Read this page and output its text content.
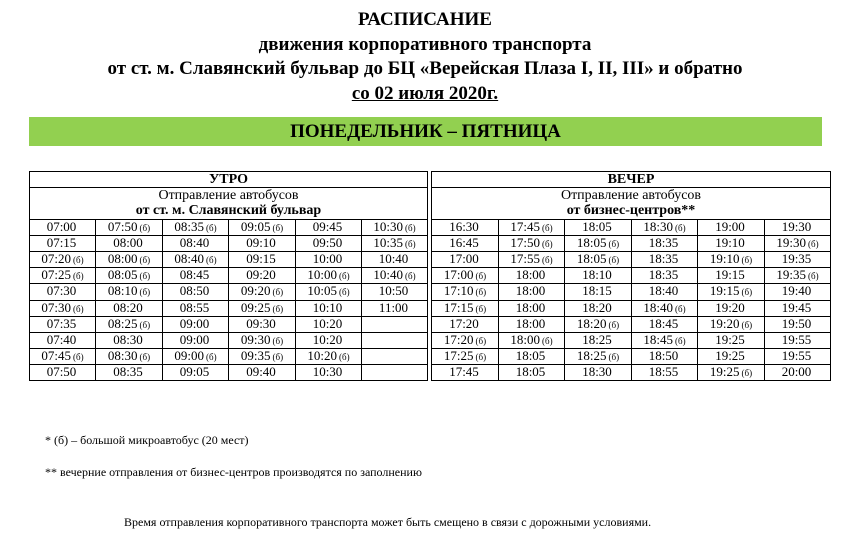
РАСПИСАНИЕ
движения корпоративного транспорта
от ст. м. Славянский бульвар до БЦ «Верейская Плаза I, II, III» и обратно
со 02 июля 2020г.
ПОНЕДЕЛЬНИК – ПЯТНИЦА
УТРО							ВЕЧЕР					
Отправление автобусов							Отправление автобусов					
от ст. м. Славянский бульвар							от бизнес-центров**					
07:00	07:50 (б)	08:35 (б)	09:05 (б)	09:45	10:30 (б)		16:30	17:45 (б)	18:05	18:30 (б)	19:00	19:30
07:15	08:00	08:40	09:10	09:50	10:35 (б)		16:45	17:50 (б)	18:05 (б)	18:35	19:10	19:30 (б)
07:20 (б)	08:00 (б)	08:40 (б)	09:15	10:00	10:40		17:00	17:55 (б)	18:05 (б)	18:35	19:10 (б)	19:35
07:25 (б)	08:05 (б)	08:45	09:20	10:00 (б)	10:40 (б)		17:00 (б)	18:00	18:10	18:35	19:15	19:35 (б)
07:30	08:10 (б)	08:50	09:20 (б)	10:05 (б)	10:50		17:10 (б)	18:00	18:15	18:40	19:15 (б)	19:40
07:30 (б)	08:20	08:55	09:25 (б)	10:10	11:00		17:15 (б)	18:00	18:20	18:40 (б)	19:20	19:45
07:35	08:25 (б)	09:00	09:30	10:20			17:20	18:00	18:20 (б)	18:45	19:20 (б)	19:50
07:40	08:30	09:00	09:30 (б)	10:20			17:20 (б)	18:00 (б)	18:25	18:45 (б)	19:25	19:55
07:45 (б)	08:30 (б)	09:00 (б)	09:35 (б)	10:20 (б)			17:25 (б)	18:05	18:25 (б)	18:50	19:25	19:55
07:50	08:35	09:05	09:40	10:30			17:45	18:05	18:30	18:55	19:25 (б)	20:00
* (б) – большой микроавтобус (20 мест)
** вечерние отправления от бизнес-центров производятся по заполнению
Время отправления корпоративного транспорта может быть смещено в связи с дорожными условиями.
